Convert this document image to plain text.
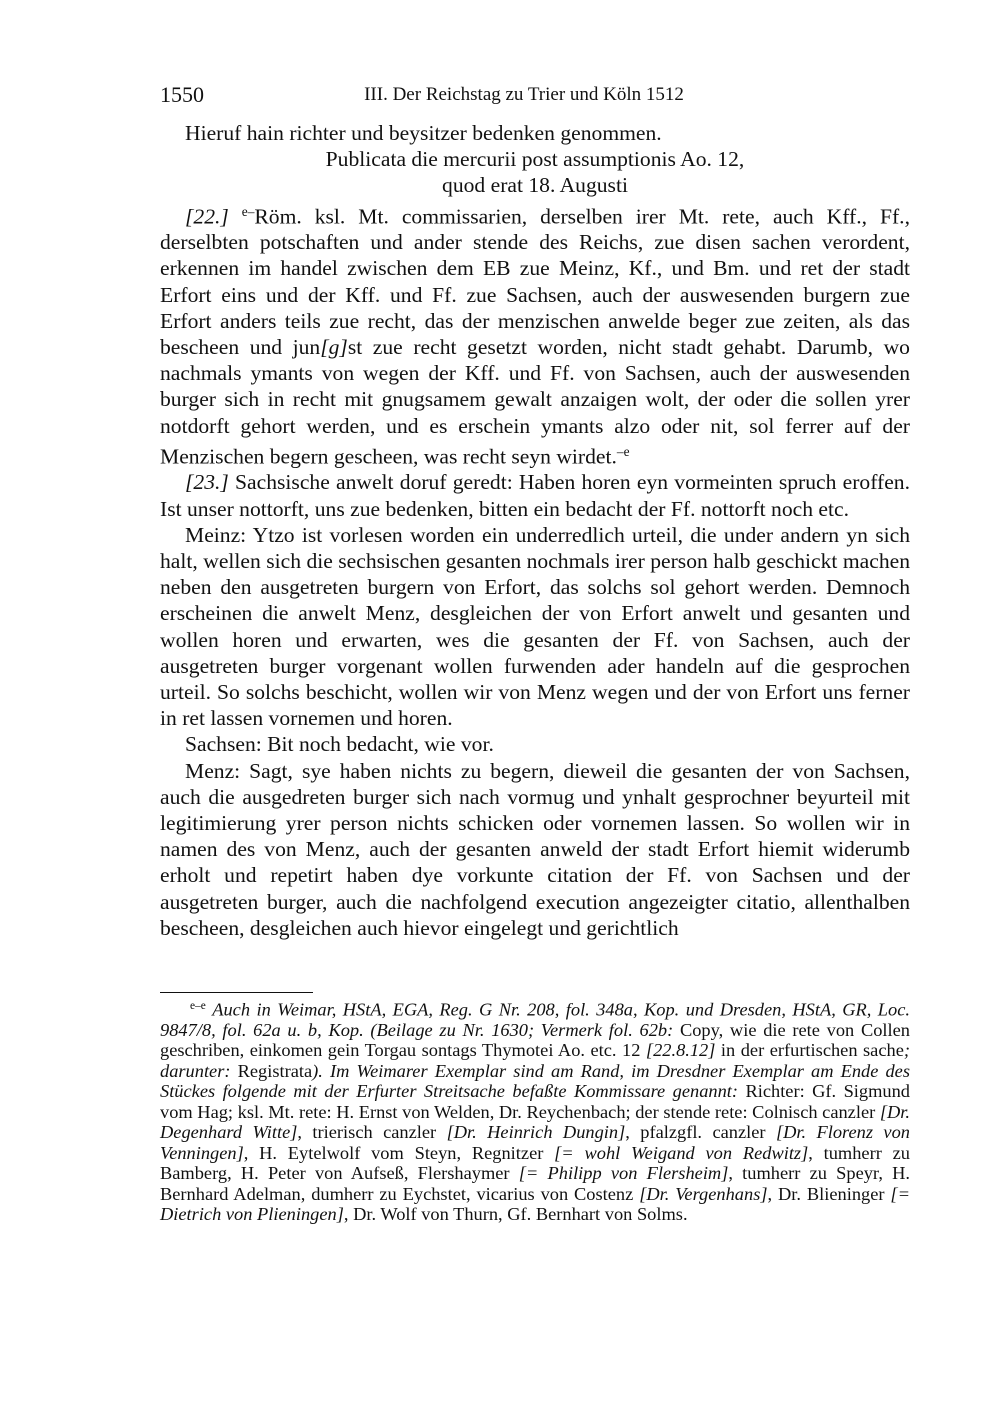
1550	III. Der Reichstag zu Trier und Köln 1512

Hieruf hain richter und beysitzer bedenken genommen.

Publicata die mercurii post assumptionis Ao. 12,

quod erat 18. Augusti

[22.] $^{e-}$Röm. ksl. Mt. commissarien, derselben irer Mt. rete, auch Kff., Ff., derselbten potschaften und ander stende des Reichs, zue disen sachen verordent, erkennen im handel zwischen dem EB zue Meinz, Kf., und Bm. und ret der stadt Erfort eins und der Kff. und Ff. zue Sachsen, auch der auswesenden burgern zue Erfort anders teils zue recht, das der menzischen anwelde beger zue zeiten, als das bescheen und jun[g]st zue recht gesetzt worden, nicht stadt gehabt. Darumb, wo nachmals ymants von wegen der Kff. und Ff. von Sachsen, auch der auswesenden burger sich in recht mit gnugsamem gewalt anzaigen wolt, der oder die sollen yrer notdorft gehort werden, und es erschein ymants alzo oder nit, sol ferrer auf der Menzischen begern gescheen, was recht seyn wirdet.$^{-e}$

[23.] Sachsische anwelt doruf geredt: Haben horen eyn vormeinten spruch eroffen. Ist unser nottorft, uns zue bedenken, bitten ein bedacht der Ff. nottorft noch etc.

Meinz: Ytzo ist vorlesen worden ein underredlich urteil, die under andern yn sich halt, wellen sich die sechsischen gesanten nochmals irer person halb geschickt machen neben den ausgetreten burgern von Erfort, das solchs sol gehort werden. Demnoch erscheinen die anwelt Menz, desgleichen der von Erfort anwelt und gesanten und wollen horen und erwarten, wes die gesanten der Ff. von Sachsen, auch der ausgetreten burger vorgenant wollen furwenden ader handeln auf die gesprochen urteil. So solchs beschicht, wollen wir von Menz wegen und der von Erfort uns ferner in ret lassen vornemen und horen.

Sachsen: Bit noch bedacht, wie vor.

Menz: Sagt, sye haben nichts zu begern, dieweil die gesanten der von Sachsen, auch die ausgedreten burger sich nach vormug und ynhalt gesprochner beyurteil mit legitimierung yrer person nichts schicken oder vornemen lassen. So wollen wir in namen des von Menz, auch der gesanten anweld der stadt Erfort hiemit widerumb erholt und repetirt haben dye vorkunte citation der Ff. von Sachsen und der ausgetreten burger, auch die nachfolgend execution angezeigter citatio, allenthalben bescheen, desgleichen auch hievor eingelegt und gerichtlich

$^{e-e}$ Auch in Weimar, HStA, EGA, Reg. G Nr. 208, fol. 348a, Kop. und Dresden, HStA, GR, Loc. 9847/8, fol. 62a u. b, Kop. (Beilage zu Nr. 1630; Vermerk fol. 62b: Copy, wie die rete von Collen geschriben, einkomen gein Torgau sontags Thymotei Ao. etc. 12 [22.8.12] in der erfurtischen sache; darunter: Registrata). Im Weimarer Exemplar sind am Rand, im Dresdner Exemplar am Ende des Stückes folgende mit der Erfurter Streitsache befaßte Kommissare genannt: Richter: Gf. Sigmund vom Hag; ksl. Mt. rete: H. Ernst von Welden, Dr. Reychenbach; der stende rete: Colnisch canzler [Dr. Degenhard Witte], trierisch canzler [Dr. Heinrich Dungin], pfalzgfl. canzler [Dr. Florenz von Venningen], H. Eytelwolf vom Steyn, Regnitzer [= wohl Weigand von Redwitz], tumherr zu Bamberg, H. Peter von Aufseß, Flershaymer [= Philipp von Flersheim], tumherr zu Speyr, H. Bernhard Adelman, dumherr zu Eychstet, vicarius von Costenz [Dr. Vergenhans], Dr. Blieninger [= Dietrich von Plieningen], Dr. Wolf von Thurn, Gf. Bernhart von Solms.
